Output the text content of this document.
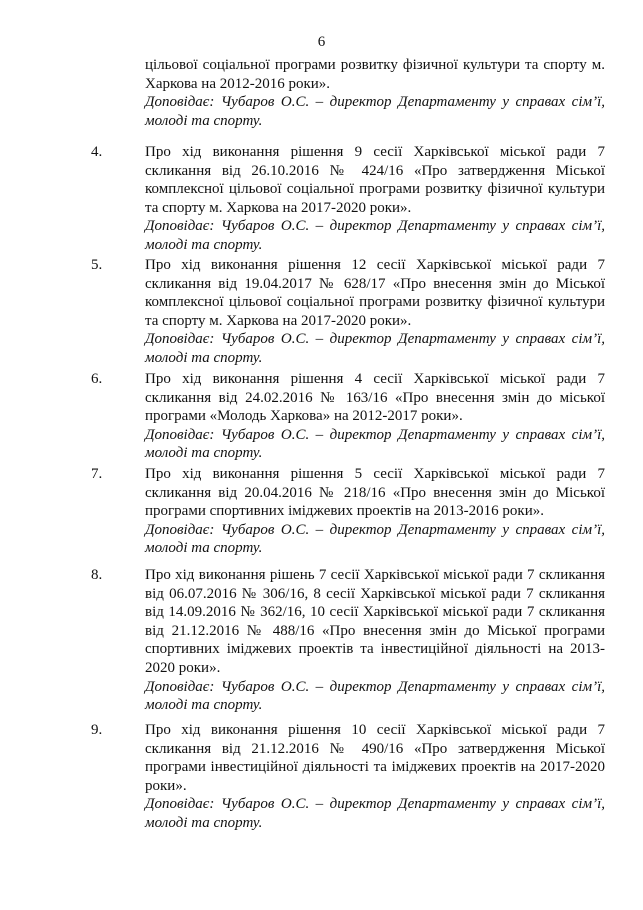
6
цільової соціальної програми розвитку фізичної культури та спорту м. Харкова на 2012-2016 роки».
Доповідає: Чубаров О.С. – директор Департаменту у справах сім’ї, молоді та спорту.
4.	Про хід виконання рішення 9 сесії Харківської міської ради 7 скликання від 26.10.2016 № 424/16 «Про затвердження Міської комплексної цільової соціальної програми розвитку фізичної культури та спорту м. Харкова на 2017-2020 роки».
Доповідає: Чубаров О.С. – директор Департаменту у справах сім’ї, молоді та спорту.
5.	Про хід виконання рішення 12 сесії Харківської міської ради 7 скликання від 19.04.2017 № 628/17 «Про внесення змін до Міської комплексної цільової соціальної програми розвитку фізичної культури та спорту м. Харкова на 2017-2020 роки».
Доповідає: Чубаров О.С. – директор Департаменту у справах сім’ї, молоді та спорту.
6.	Про хід виконання рішення 4 сесії Харківської міської ради 7 скликання від 24.02.2016 № 163/16 «Про внесення змін до міської програми «Молодь Харкова» на 2012-2017 роки».
Доповідає: Чубаров О.С. – директор Департаменту у справах сім’ї, молоді та спорту.
7.	Про хід виконання рішення 5 сесії Харківської міської ради 7 скликання від 20.04.2016 № 218/16 «Про внесення змін до Міської програми спортивних іміджевих проектів на 2013-2016 роки».
Доповідає: Чубаров О.С. – директор Департаменту у справах сім’ї, молоді та спорту.
8.	Про хід виконання рішень 7 сесії Харківської міської ради 7 скликання від 06.07.2016 № 306/16, 8 сесії Харківської міської ради 7 скликання від 14.09.2016 № 362/16, 10 сесії Харківської міської ради 7 скликання від 21.12.2016 № 488/16 «Про внесення змін до Міської програми спортивних іміджевих проектів та інвестиційної діяльності на 2013-2020 роки».
Доповідає: Чубаров О.С. – директор Департаменту у справах сім’ї, молоді та спорту.
9.	Про хід виконання рішення 10 сесії Харківської міської ради 7 скликання від 21.12.2016 № 490/16 «Про затвердження Міської програми інвестиційної діяльності та іміджевих проектів на 2017-2020 роки».
Доповідає: Чубаров О.С. – директор Департаменту у справах сім’ї, молоді та спорту.
